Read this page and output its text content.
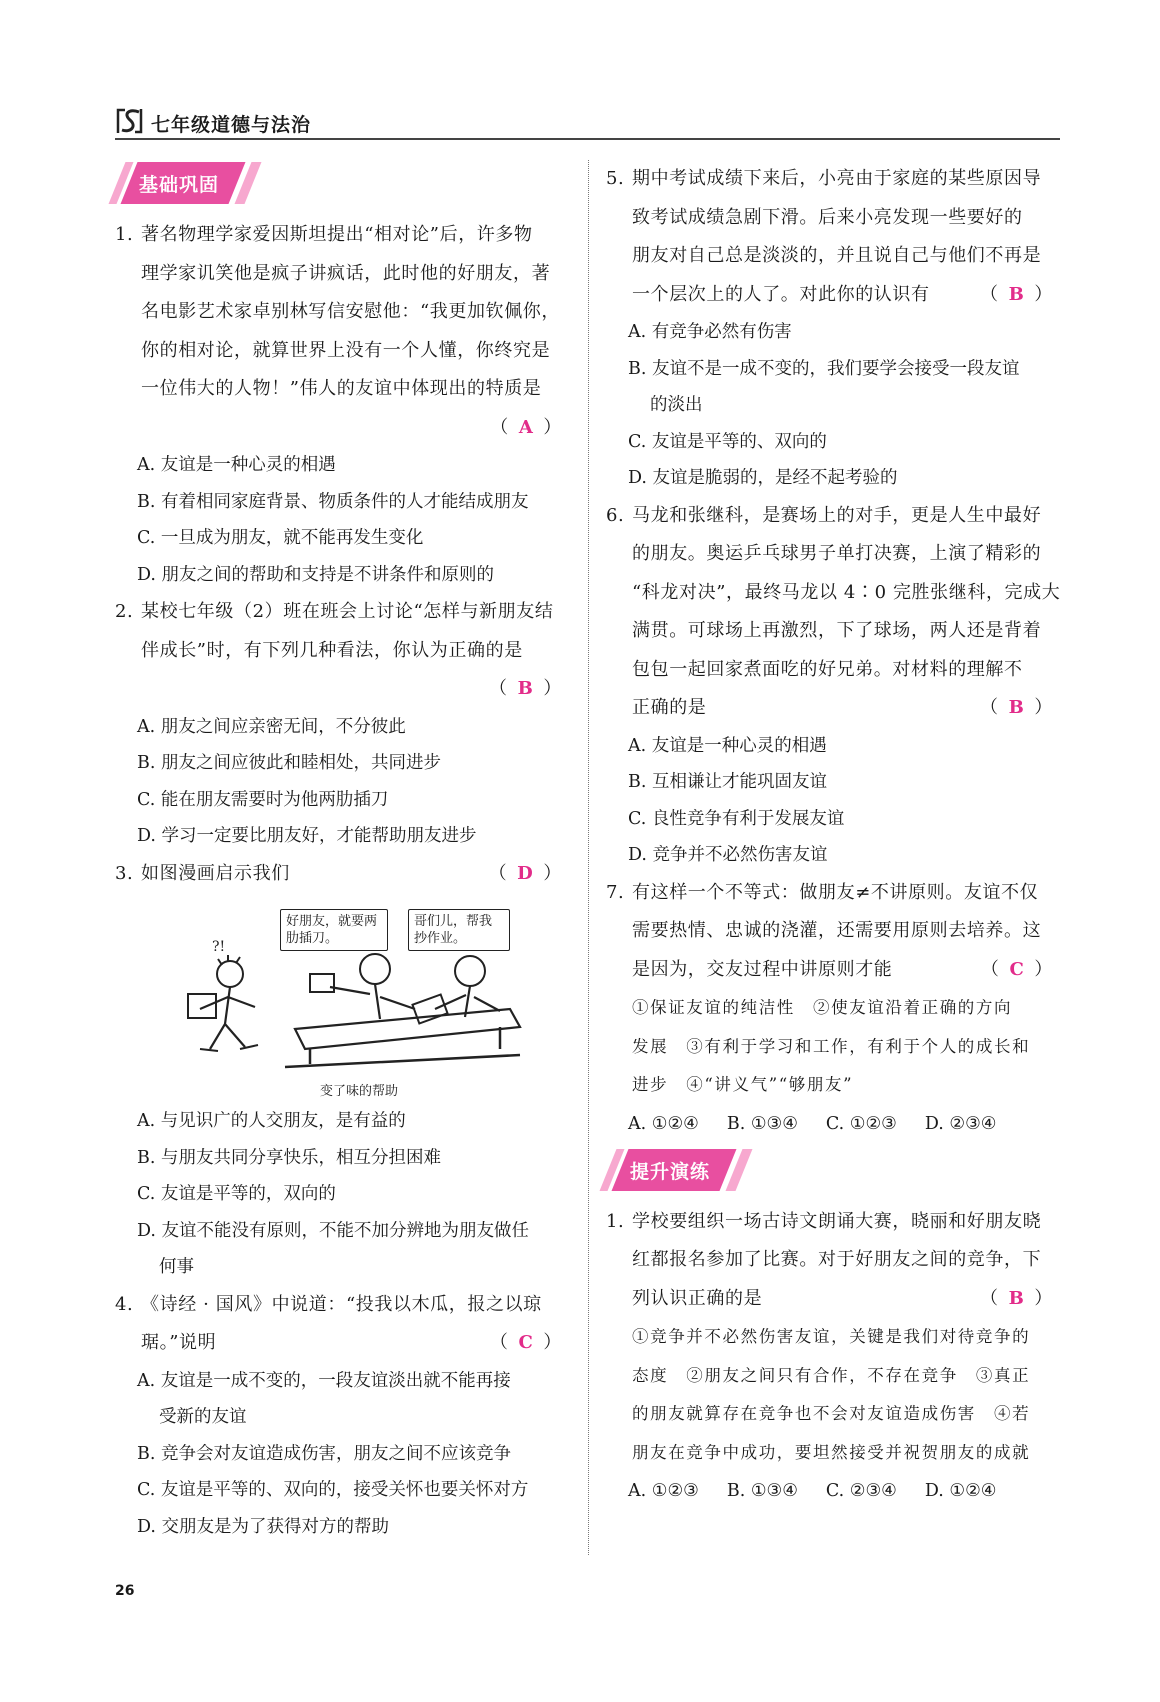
七年级道德与法治
基础巩固
1. 著名物理学家爱因斯坦提出“相对论”后，许多物
理学家讥笑他是疯子讲疯话，此时他的好朋友，著
名电影艺术家卓别林写信安慰他：“我更加钦佩你，
你的相对论，就算世界上没有一个人懂，你终究是
一位伟大的人物！”伟人的友谊中体现出的特质是
（ A ）
A. 友谊是一种心灵的相遇
B. 有着相同家庭背景、物质条件的人才能结成朋友
C. 一旦成为朋友，就不能再发生变化
D. 朋友之间的帮助和支持是不讲条件和原则的
2. 某校七年级（2）班在班会上讨论“怎样与新朋友结
伴成长”时，有下列几种看法，你认为正确的是
（ B ）
A. 朋友之间应亲密无间，不分彼此
B. 朋友之间应彼此和睦相处，共同进步
C. 能在朋友需要时为他两肋插刀
D. 学习一定要比朋友好，才能帮助朋友进步
3. 如图漫画启示我们	（ D ）
好朋友，就要两肋插刀。
哥们儿，帮我抄作业。
?!
变了味的帮助
A. 与见识广的人交朋友，是有益的
B. 与朋友共同分享快乐，相互分担困难
C. 友谊是平等的，双向的
D. 友谊不能没有原则，不能不加分辨地为朋友做任
何事
4. 《诗经 · 国风》中说道：“投我以木瓜，报之以琼
琚。”说明	（ C ）
A. 友谊是一成不变的，一段友谊淡出就不能再接
受新的友谊
B. 竞争会对友谊造成伤害，朋友之间不应该竞争
C. 友谊是平等的、双向的，接受关怀也要关怀对方
D. 交朋友是为了获得对方的帮助
5. 期中考试成绩下来后，小亮由于家庭的某些原因导
致考试成绩急剧下滑。后来小亮发现一些要好的
朋友对自己总是淡淡的，并且说自己与他们不再是
一个层次上的人了。对此你的认识有	（ B ）
A. 有竞争必然有伤害
B. 友谊不是一成不变的，我们要学会接受一段友谊
的淡出
C. 友谊是平等的、双向的
D. 友谊是脆弱的，是经不起考验的
6. 马龙和张继科，是赛场上的对手，更是人生中最好
的朋友。奥运乒乓球男子单打决赛，上演了精彩的
“科龙对决”，最终马龙以 4∶0 完胜张继科，完成大
满贯。可球场上再激烈，下了球场，两人还是背着
包包一起回家煮面吃的好兄弟。对材料的理解不
正确的是	（ B ）
A. 友谊是一种心灵的相遇
B. 互相谦让才能巩固友谊
C. 良性竞争有利于发展友谊
D. 竞争并不必然伤害友谊
7. 有这样一个不等式：做朋友≠不讲原则。友谊不仅
需要热情、忠诚的浇灌，还需要用原则去培养。这
是因为，交友过程中讲原则才能	（ C ）
①保证友谊的纯洁性　②使友谊沿着正确的方向
发展　③有利于学习和工作，有利于个人的成长和
进步　④“讲义气”“够朋友”
A. ①②④ B. ①③④ C. ①②③ D. ②③④
提升演练
1. 学校要组织一场古诗文朗诵大赛，晓丽和好朋友晓
红都报名参加了比赛。对于好朋友之间的竞争，下
列认识正确的是	（ B ）
①竞争并不必然伤害友谊，关键是我们对待竞争的
态度　②朋友之间只有合作，不存在竞争　③真正
的朋友就算存在竞争也不会对友谊造成伤害　④若
朋友在竞争中成功，要坦然接受并祝贺朋友的成就
A. ①②③ B. ①③④ C. ②③④ D. ①②④
26
